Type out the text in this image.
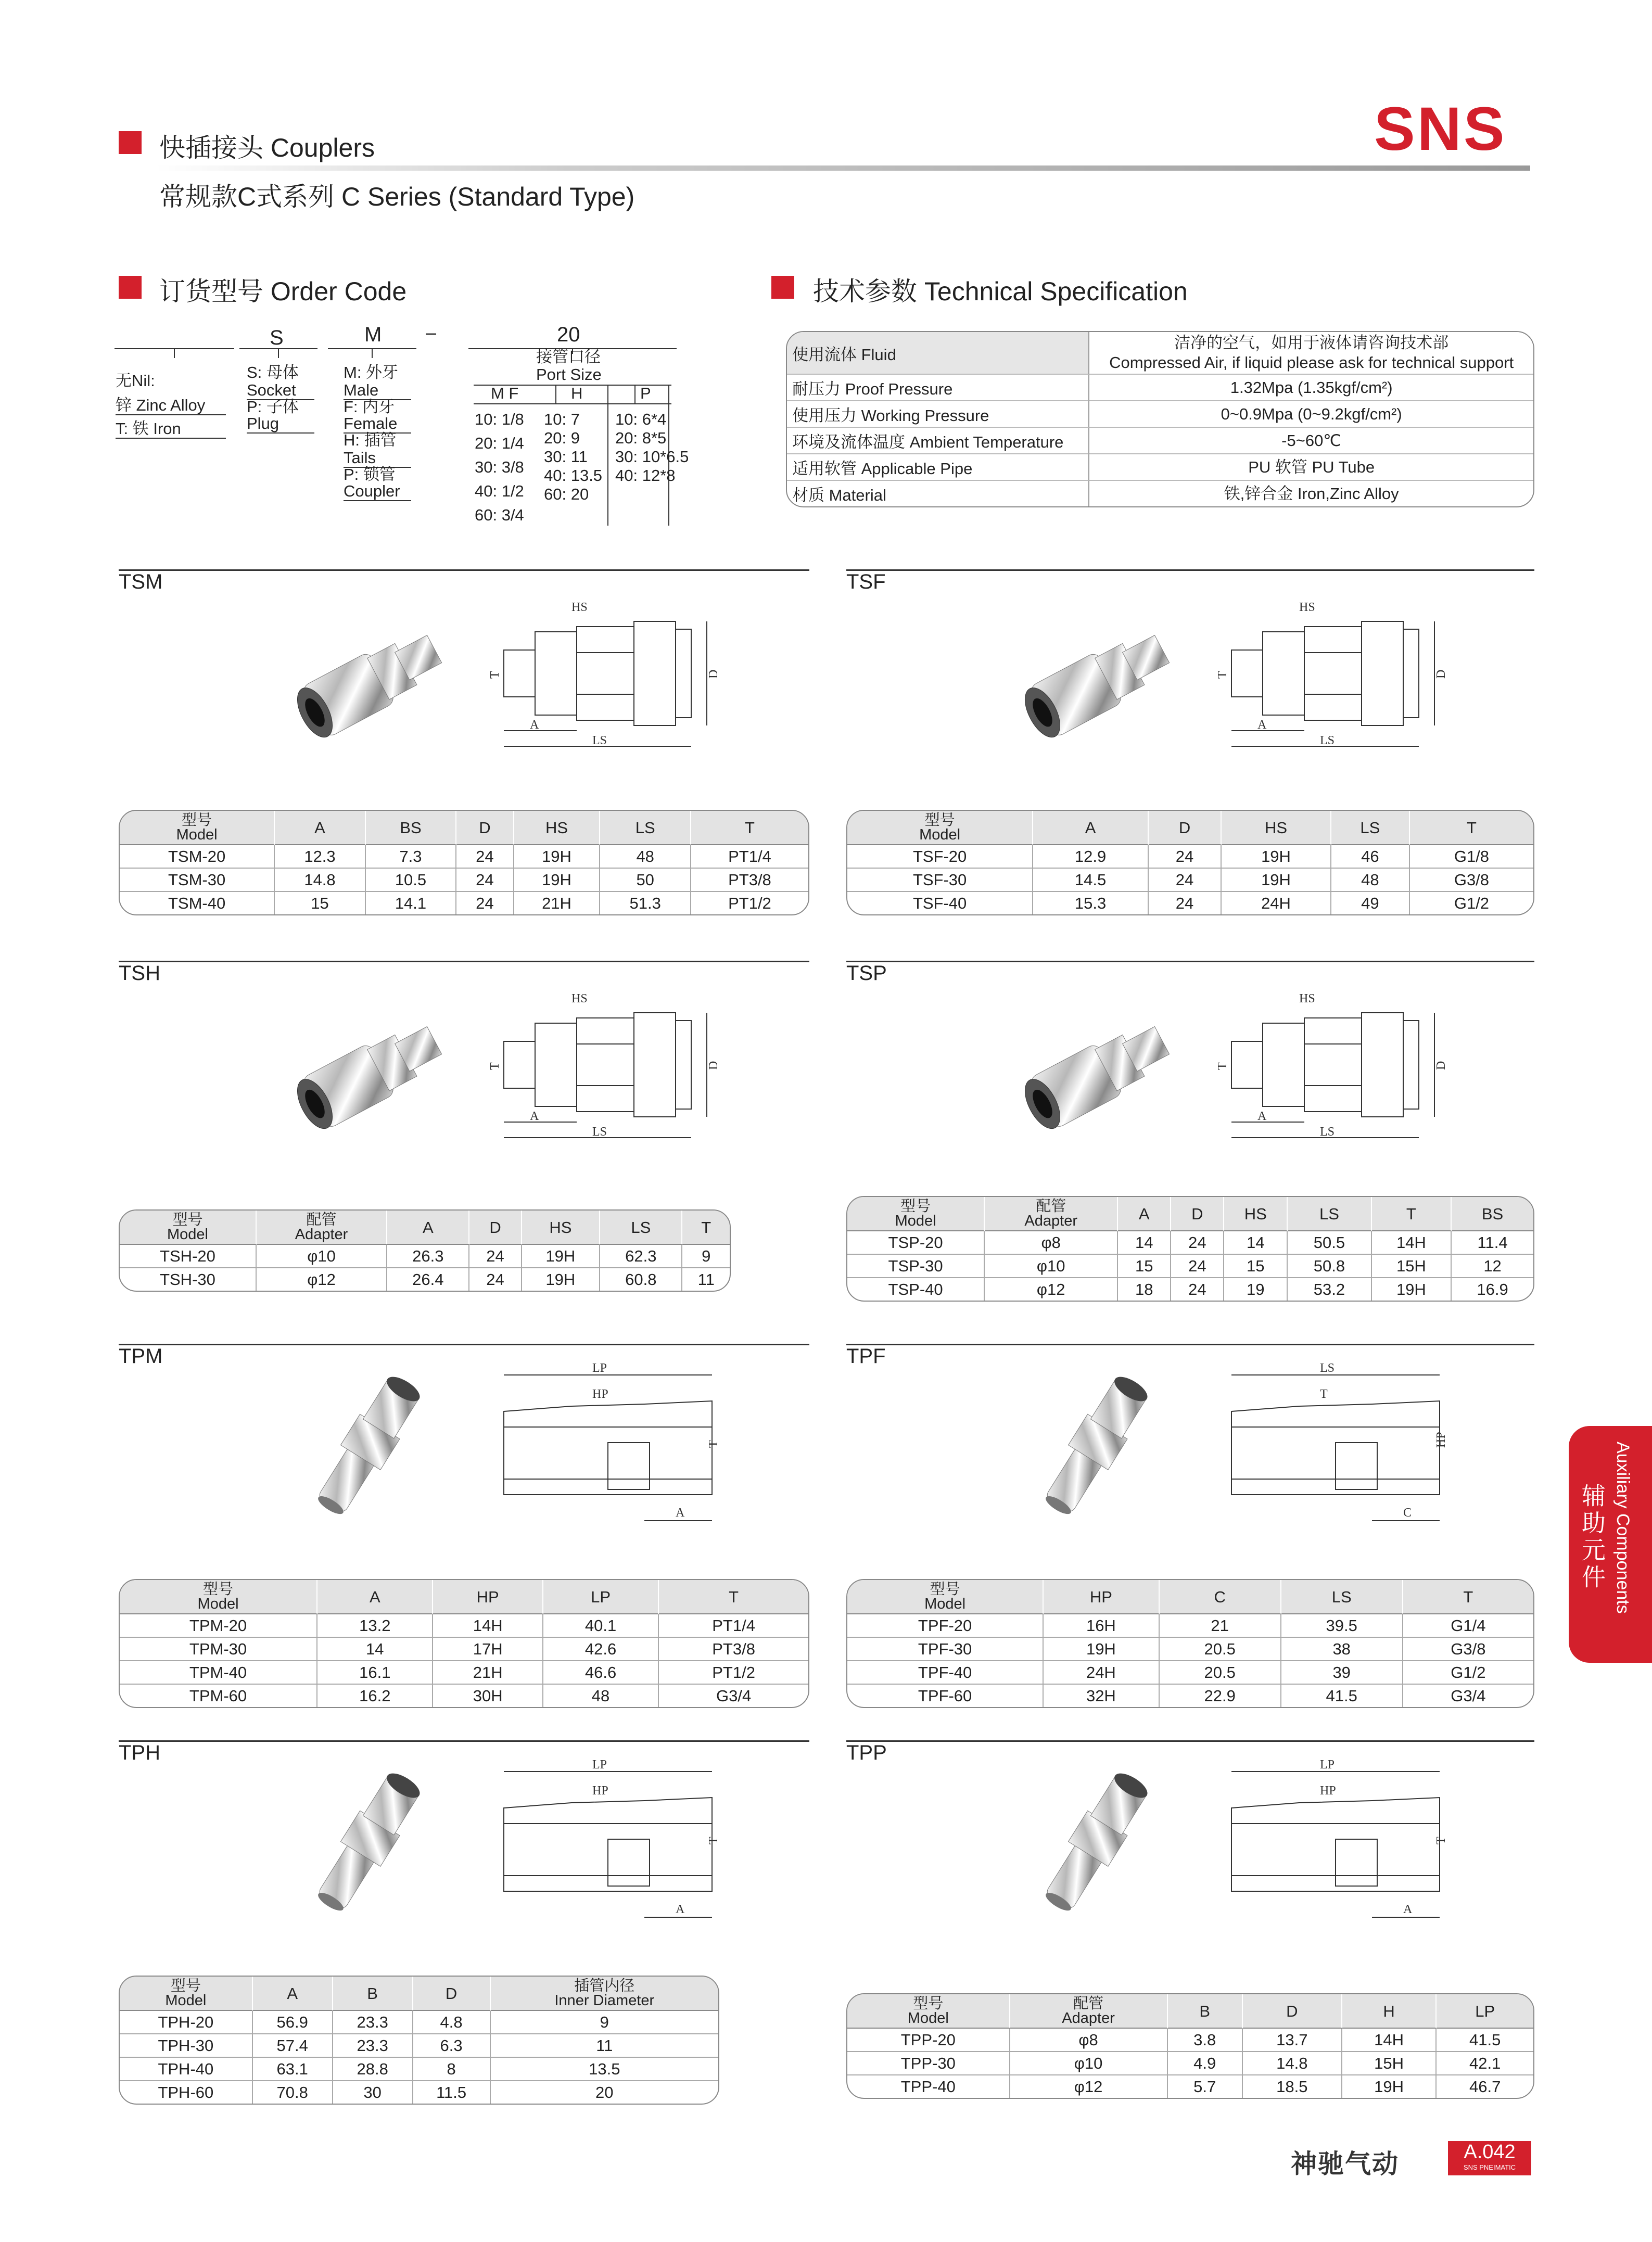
快插接头 Couplers
常规款C式系列 C Series (Standard Type)
SNS
订货型号 Order Code
S	M –	20
无Nil:
锌 Zinc Alloy
T: 铁 Iron
S: 母体
Socket
P: 子体
Plug
M: 外牙
Male
F: 内牙
Female
H: 插管
Tails
P: 锁管
Coupler
接管口径
Port Size
M F	H	P
10: 1/8
20: 1/4
30: 3/8
40: 1/2
60: 3/4
10: 7
20: 9
30: 11
40: 13.5
60: 20
10: 6*4
20: 8*5
30: 10*6.5
40: 12*8
技术参数 Technical Specification
使用流体 Fluid	洁净的空气，如用于液体请咨询技术部
Compressed Air, if liquid please ask for technical support

耐压力 Proof Pressure	1.32Mpa (1.35kgf/cm²)

使用压力 Working Pressure	0~0.9Mpa (0~9.2kgf/cm²)

环境及流体温度 Ambient Temperature	-5~60℃

适用软管 Applicable Pipe	PU 软管 PU Tube

材质 Material	铁,锌合金 Iron,Zinc Alloy
TSM
LS
A
D
HS
T
型号
Model	A	BS	D	HS	LS	T
TSM-20	12.3	7.3	24	19H	48	PT1/4
TSM-30	14.8	10.5	24	19H	50	PT3/8
TSM-40	15	14.1	24	21H	51.3	PT1/2
TSF
LS
A
D
HS
T
型号
Model	A	D	HS	LS	T
TSF-20	12.9	24	19H	46	G1/8
TSF-30	14.5	24	19H	48	G3/8
TSF-40	15.3	24	24H	49	G1/2
TSH
LS
A
D
HS
T
型号
Model	配管
Adapter	A	D	HS	LS	T
TSH-20	φ10	26.3	24	19H	62.3	9
TSH-30	φ12	26.4	24	19H	60.8	11
TSP
LS
A
D
HS
T
型号
Model	配管
Adapter	A	D	HS	LS	T	BS
TSP-20	φ8	14	24	14	50.5	14H	11.4
TSP-30	φ10	15	24	15	50.8	15H	12
TSP-40	φ12	18	24	19	53.2	19H	16.9
TPM
LP
A
HP
T
型号
Model	A	HP	LP	T
TPM-20	13.2	14H	40.1	PT1/4
TPM-30	14	17H	42.6	PT3/8
TPM-40	16.1	21H	46.6	PT1/2
TPM-60	16.2	30H	48	G3/4
TPF
LS
C
T
HP
型号
Model	HP	C	LS	T
TPF-20	16H	21	39.5	G1/4
TPF-30	19H	20.5	38	G3/8
TPF-40	24H	20.5	39	G1/2
TPF-60	32H	22.9	41.5	G3/4
TPH
LP
A
HP
T
型号
Model	A	B	D	插管内径
Inner Diameter

TPH-20	56.9	23.3	4.8	9
TPH-30	57.4	23.3	6.3	11
TPH-40	63.1	28.8	8	13.5
TPH-60	70.8	30	11.5	20
TPP
LP
A
HP
T
型号
Model	配管
Adapter	B	D	H	LP
TPP-20	φ8	3.8	13.7	14H	41.5
TPP-30	φ10	4.9	14.8	15H	42.1
TPP-40	φ12	5.7	18.5	19H	46.7
辅助元件 Auxiliary Components
神驰气动	A.042
SNS PNEIMATIC
